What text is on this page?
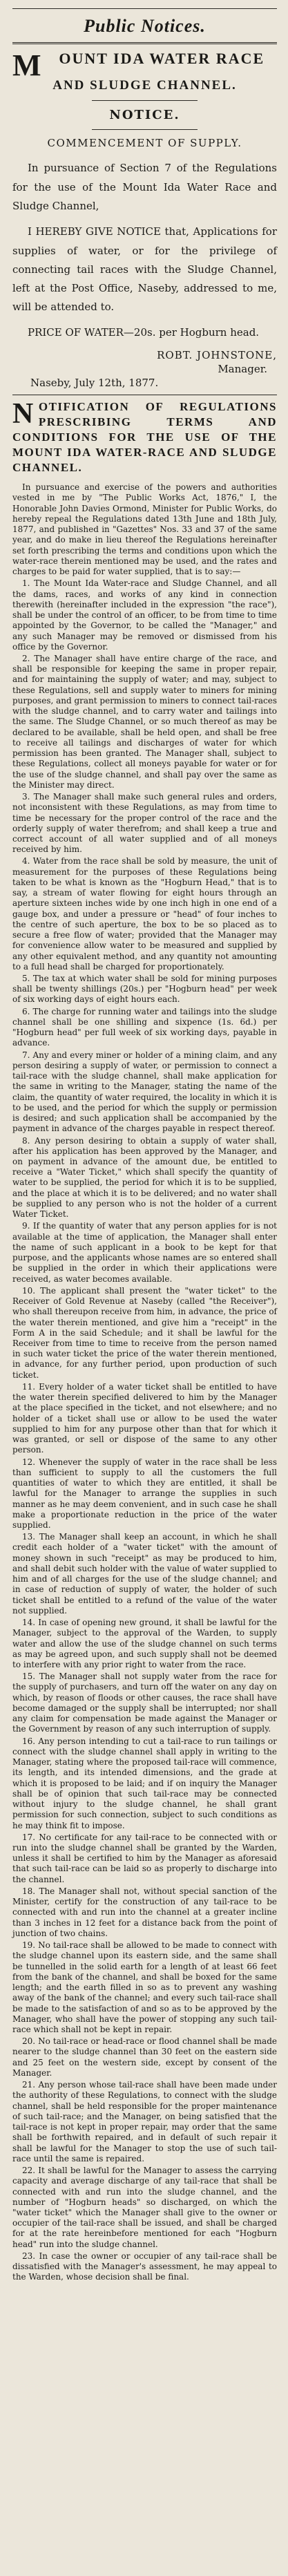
Public Notices.
M OUNT IDA WATER RACE
AND SLUDGE CHANNEL.
NOTICE.
COMMENCEMENT OF SUPPLY.

In pursuance of Section 7 of the Regulations for the use of the Mount Ida Water Race and Sludge Channel,

I HEREBY GIVE NOTICE that, Applications for supplies of water, or for the privilege of connecting tail races with the Sludge Channel, left at the Post Office, Naseby, addressed to me, will be attended to.

PRICE OF WATER—20s. per Hogburn head.
ROBT. JOHNSTONE,
Manager.
Naseby, July 12th, 1877.
N OTIFICATION OF REGULATIONS PRESCRIBING TERMS AND CONDITIONS FOR THE USE OF THE MOUNT IDA WATER-RACE AND SLUDGE CHANNEL.

In pursuance and exercise of the powers and authorities vested in me by "The Public Works Act, 1876," I, the Honorable John Davies Ormond, Minister for Public Works, do hereby repeal the Regulations dated 13th June and 18th July, 1877, and published in "Gazettes" Nos. 33 and 37 of the same year, and do make in lieu thereof the Regulations hereinafter set forth prescribing the terms and conditions upon which the water-race therein mentioned may be used, and the rates and charges to be paid for water supplied, that is to say:—

1. The Mount Ida Water-race and Sludge Channel, and all the dams, races, and works of any kind in connection therewith (hereinafter included in the expression "the race"), shall be under the control of an officer, to be from time to time appointed by the Governor, to be called the "Manager," and any such Manager may be removed or dismissed from his office by the Governor.

2. The Manager shall have entire charge of the race, and shall be responsible for keeping the same in proper repair, and for maintaining the supply of water; and may, subject to these Regulations, sell and supply water to miners for mining purposes, and grant permission to miners to connect tail-races with the sludge channel, and to carry water and tailings into the same. The Sludge Channel, or so much thereof as may be declared to be available, shall be held open, and shall be free to receive all tailings and discharges of water for which permission has been granted. The Manager shall, subject to these Regulations, collect all moneys payable for water or for the use of the sludge channel, and shall pay over the same as the Minister may direct.

3. The Manager shall make such general rules and orders, not inconsistent with these Regulations, as may from time to time be necessary for the proper control of the race and the orderly supply of water therefrom; and shall keep a true and correct account of all water supplied and of all moneys received by him.

4. Water from the race shall be sold by measure, the unit of measurement for the purposes of these Regulations being taken to be what is known as the "Hogburn Head," that is to say, a stream of water flowing for eight hours through an aperture sixteen inches wide by one inch high in one end of a gauge box, and under a pressure or "head" of four inches to the centre of such aperture, the box to be so placed as to secure a free flow of water; provided that the Manager may for convenience allow water to be measured and supplied by any other equivalent method, and any quantity not amounting to a full head shall be charged for proportionately.

5. The tax at which water shall be sold for mining purposes shall be twenty shillings (20s.) per "Hogburn head" per week of six working days of eight hours each.

6. The charge for running water and tailings into the sludge channel shall be one shilling and sixpence (1s. 6d.) per "Hogburn head" per full week of six working days, payable in advance.

7. Any and every miner or holder of a mining claim, and any person desiring a supply of water, or permission to connect a tail-race with the sludge channel, shall make application for the same in writing to the Manager, stating the name of the claim, the quantity of water required, the locality in which it is to be used, and the period for which the supply or permission is desired; and such application shall be accompanied by the payment in advance of the charges payable in respect thereof.

8. Any person desiring to obtain a supply of water shall, after his application has been approved by the Manager, and on payment in advance of the amount due, be entitled to receive a "Water Ticket," which shall specify the quantity of water to be supplied, the period for which it is to be supplied, and the place at which it is to be delivered; and no water shall be supplied to any person who is not the holder of a current Water Ticket.

9. If the quantity of water that any person applies for is not available at the time of application, the Manager shall enter the name of such applicant in a book to be kept for that purpose, and the applicants whose names are so entered shall be supplied in the order in which their applications were received, as water becomes available.

10. The applicant shall present the "water ticket" to the Receiver of Gold Revenue at Naseby (called "the Receiver"), who shall thereupon receive from him, in advance, the price of the water therein mentioned, and give him a "receipt" in the Form A in the said Schedule; and it shall be lawful for the Receiver from time to time to receive from the person named in such water ticket the price of the water therein mentioned, in advance, for any further period, upon production of such ticket.

11. Every holder of a water ticket shall be entitled to have the water therein specified delivered to him by the Manager at the place specified in the ticket, and not elsewhere; and no holder of a ticket shall use or allow to be used the water supplied to him for any purpose other than that for which it was granted, or sell or dispose of the same to any other person.

12. Whenever the supply of water in the race shall be less than sufficient to supply to all the customers the full quantities of water to which they are entitled, it shall be lawful for the Manager to arrange the supplies in such manner as he may deem convenient, and in such case he shall make a proportionate reduction in the price of the water supplied.

13. The Manager shall keep an account, in which he shall credit each holder of a "water ticket" with the amount of money shown in such "receipt" as may be produced to him, and shall debit such holder with the value of water supplied to him and of all charges for the use of the sludge channel; and in case of reduction of supply of water, the holder of such ticket shall be entitled to a refund of the value of the water not supplied.

14. In case of opening new ground, it shall be lawful for the Manager, subject to the approval of the Warden, to supply water and allow the use of the sludge channel on such terms as may be agreed upon, and such supply shall not be deemed to interfere with any prior right to water from the race.

15. The Manager shall not supply water from the race for the supply of purchasers, and turn off the water on any day on which, by reason of floods or other causes, the race shall have become damaged or the supply shall be interrupted; nor shall any claim for compensation be made against the Manager or the Government by reason of any such interruption of supply.

16. Any person intending to cut a tail-race to run tailings or connect with the sludge channel shall apply in writing to the Manager, stating where the proposed tail-race will commence, its length, and its intended dimensions, and the grade at which it is proposed to be laid; and if on inquiry the Manager shall be of opinion that such tail-race may be connected without injury to the sludge channel, he shall grant permission for such connection, subject to such conditions as he may think fit to impose.

17. No certificate for any tail-race to be connected with or run into the sludge channel shall be granted by the Warden, unless it shall be certified to him by the Manager as aforesaid that such tail-race can be laid so as properly to discharge into the channel.

18. The Manager shall not, without special sanction of the Minister, certify for the construction of any tail-race to be connected with and run into the channel at a greater incline than 3 inches in 12 feet for a distance back from the point of junction of two chains.

19. No tail-race shall be allowed to be made to connect with the sludge channel upon its eastern side, and the same shall be tunnelled in the solid earth for a length of at least 66 feet from the bank of the channel, and shall be boxed for the same length; and the earth filled in so as to prevent any washing away of the bank of the channel; and every such tail-race shall be made to the satisfaction of and so as to be approved by the Manager, who shall have the power of stopping any such tail-race which shall not be kept in repair.

20. No tail-race or head-race or flood channel shall be made nearer to the sludge channel than 30 feet on the eastern side and 25 feet on the western side, except by consent of the Manager.

21. Any person whose tail-race shall have been made under the authority of these Regulations, to connect with the sludge channel, shall be held responsible for the proper maintenance of such tail-race; and the Manager, on being satisfied that the tail-race is not kept in proper repair, may order that the same shall be forthwith repaired, and in default of such repair it shall be lawful for the Manager to stop the use of such tail-race until the same is repaired.

22. It shall be lawful for the Manager to assess the carrying capacity and average discharge of any tail-race that shall be connected with and run into the sludge channel, and the number of "Hogburn heads" so discharged, on which the "water ticket" which the Manager shall give to the owner or occupier of the tail-race shall be issued, and shall be charged for at the rate hereinbefore mentioned for each "Hogburn head" run into the sludge channel.

23. In case the owner or occupier of any tail-race shall be dissatisfied with the Manager's assessment, he may appeal to the Warden, whose decision shall be final.
